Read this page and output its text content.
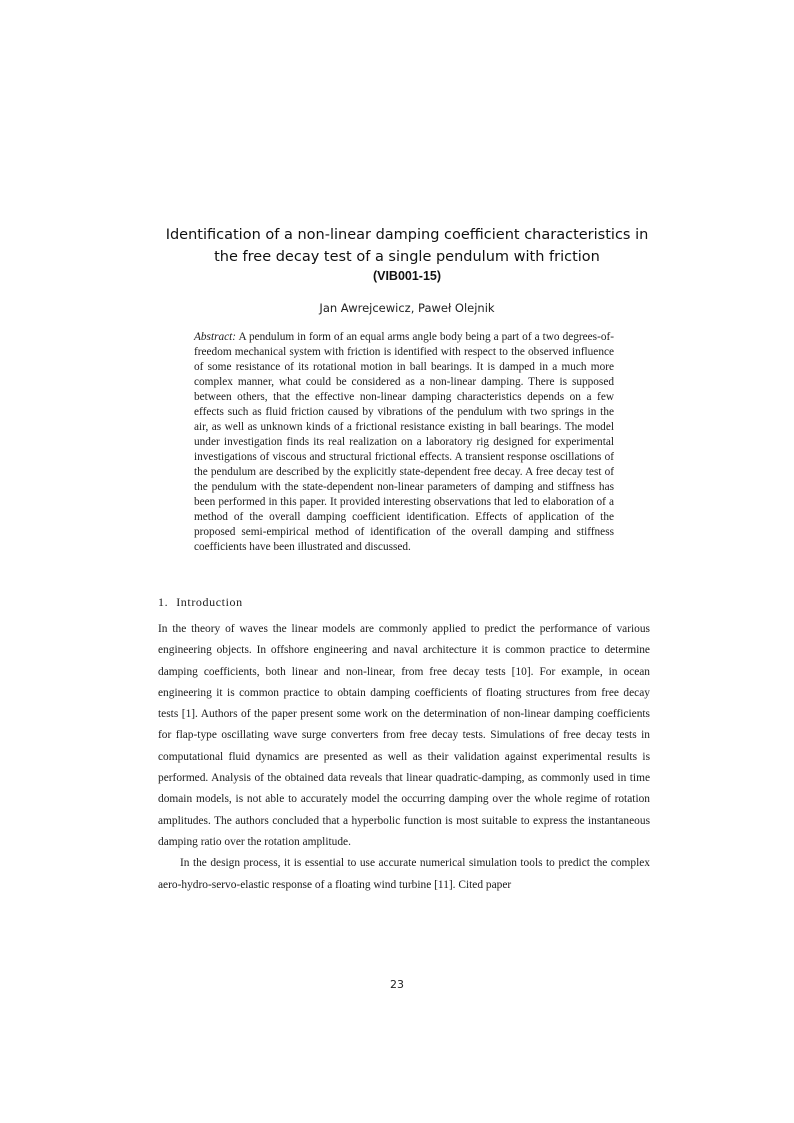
Identification of a non-linear damping coefficient characteristics in
the free decay test of a single pendulum with friction
(VIB001-15)
Jan Awrejcewicz, Paweł Olejnik
Abstract: A pendulum in form of an equal arms angle body being a part of a two degrees-of-freedom mechanical system with friction is identified with respect to the observed influence of some resistance of its rotational motion in ball bearings. It is damped in a much more complex manner, what could be considered as a non-linear damping. There is supposed between others, that the effective non-linear damping characteristics depends on a few effects such as fluid friction caused by vibrations of the pendulum with two springs in the air, as well as unknown kinds of a frictional resistance existing in ball bearings. The model under investigation finds its real realization on a laboratory rig designed for experimental investigations of viscous and structural frictional effects. A transient response oscillations of the pendulum are described by the explicitly state-dependent free decay. A free decay test of the pendulum with the state-dependent non-linear parameters of damping and stiffness has been performed in this paper. It provided interesting observations that led to elaboration of a method of the overall damping coefficient identification. Effects of application of the proposed semi-empirical method of identification of the overall damping and stiffness coefficients have been illustrated and discussed.
1. Introduction

In the theory of waves the linear models are commonly applied to predict the performance of various engineering objects. In offshore engineering and naval architecture it is common practice to determine damping coefficients, both linear and non-linear, from free decay tests [10]. For example, in ocean engineering it is common practice to obtain damping coefficients of floating structures from free decay tests [1]. Authors of the paper present some work on the determination of non-linear damping coefficients for flap-type oscillating wave surge converters from free decay tests. Simulations of free decay tests in computational fluid dynamics are presented as well as their validation against experimental results is performed. Analysis of the obtained data reveals that linear quadratic-damping, as commonly used in time domain models, is not able to accurately model the occurring damping over the whole regime of rotation amplitudes. The authors concluded that a hyperbolic function is most suitable to express the instantaneous damping ratio over the rotation amplitude.

In the design process, it is essential to use accurate numerical simulation tools to predict the complex aero-hydro-servo-elastic response of a floating wind turbine [11]. Cited paper

23
